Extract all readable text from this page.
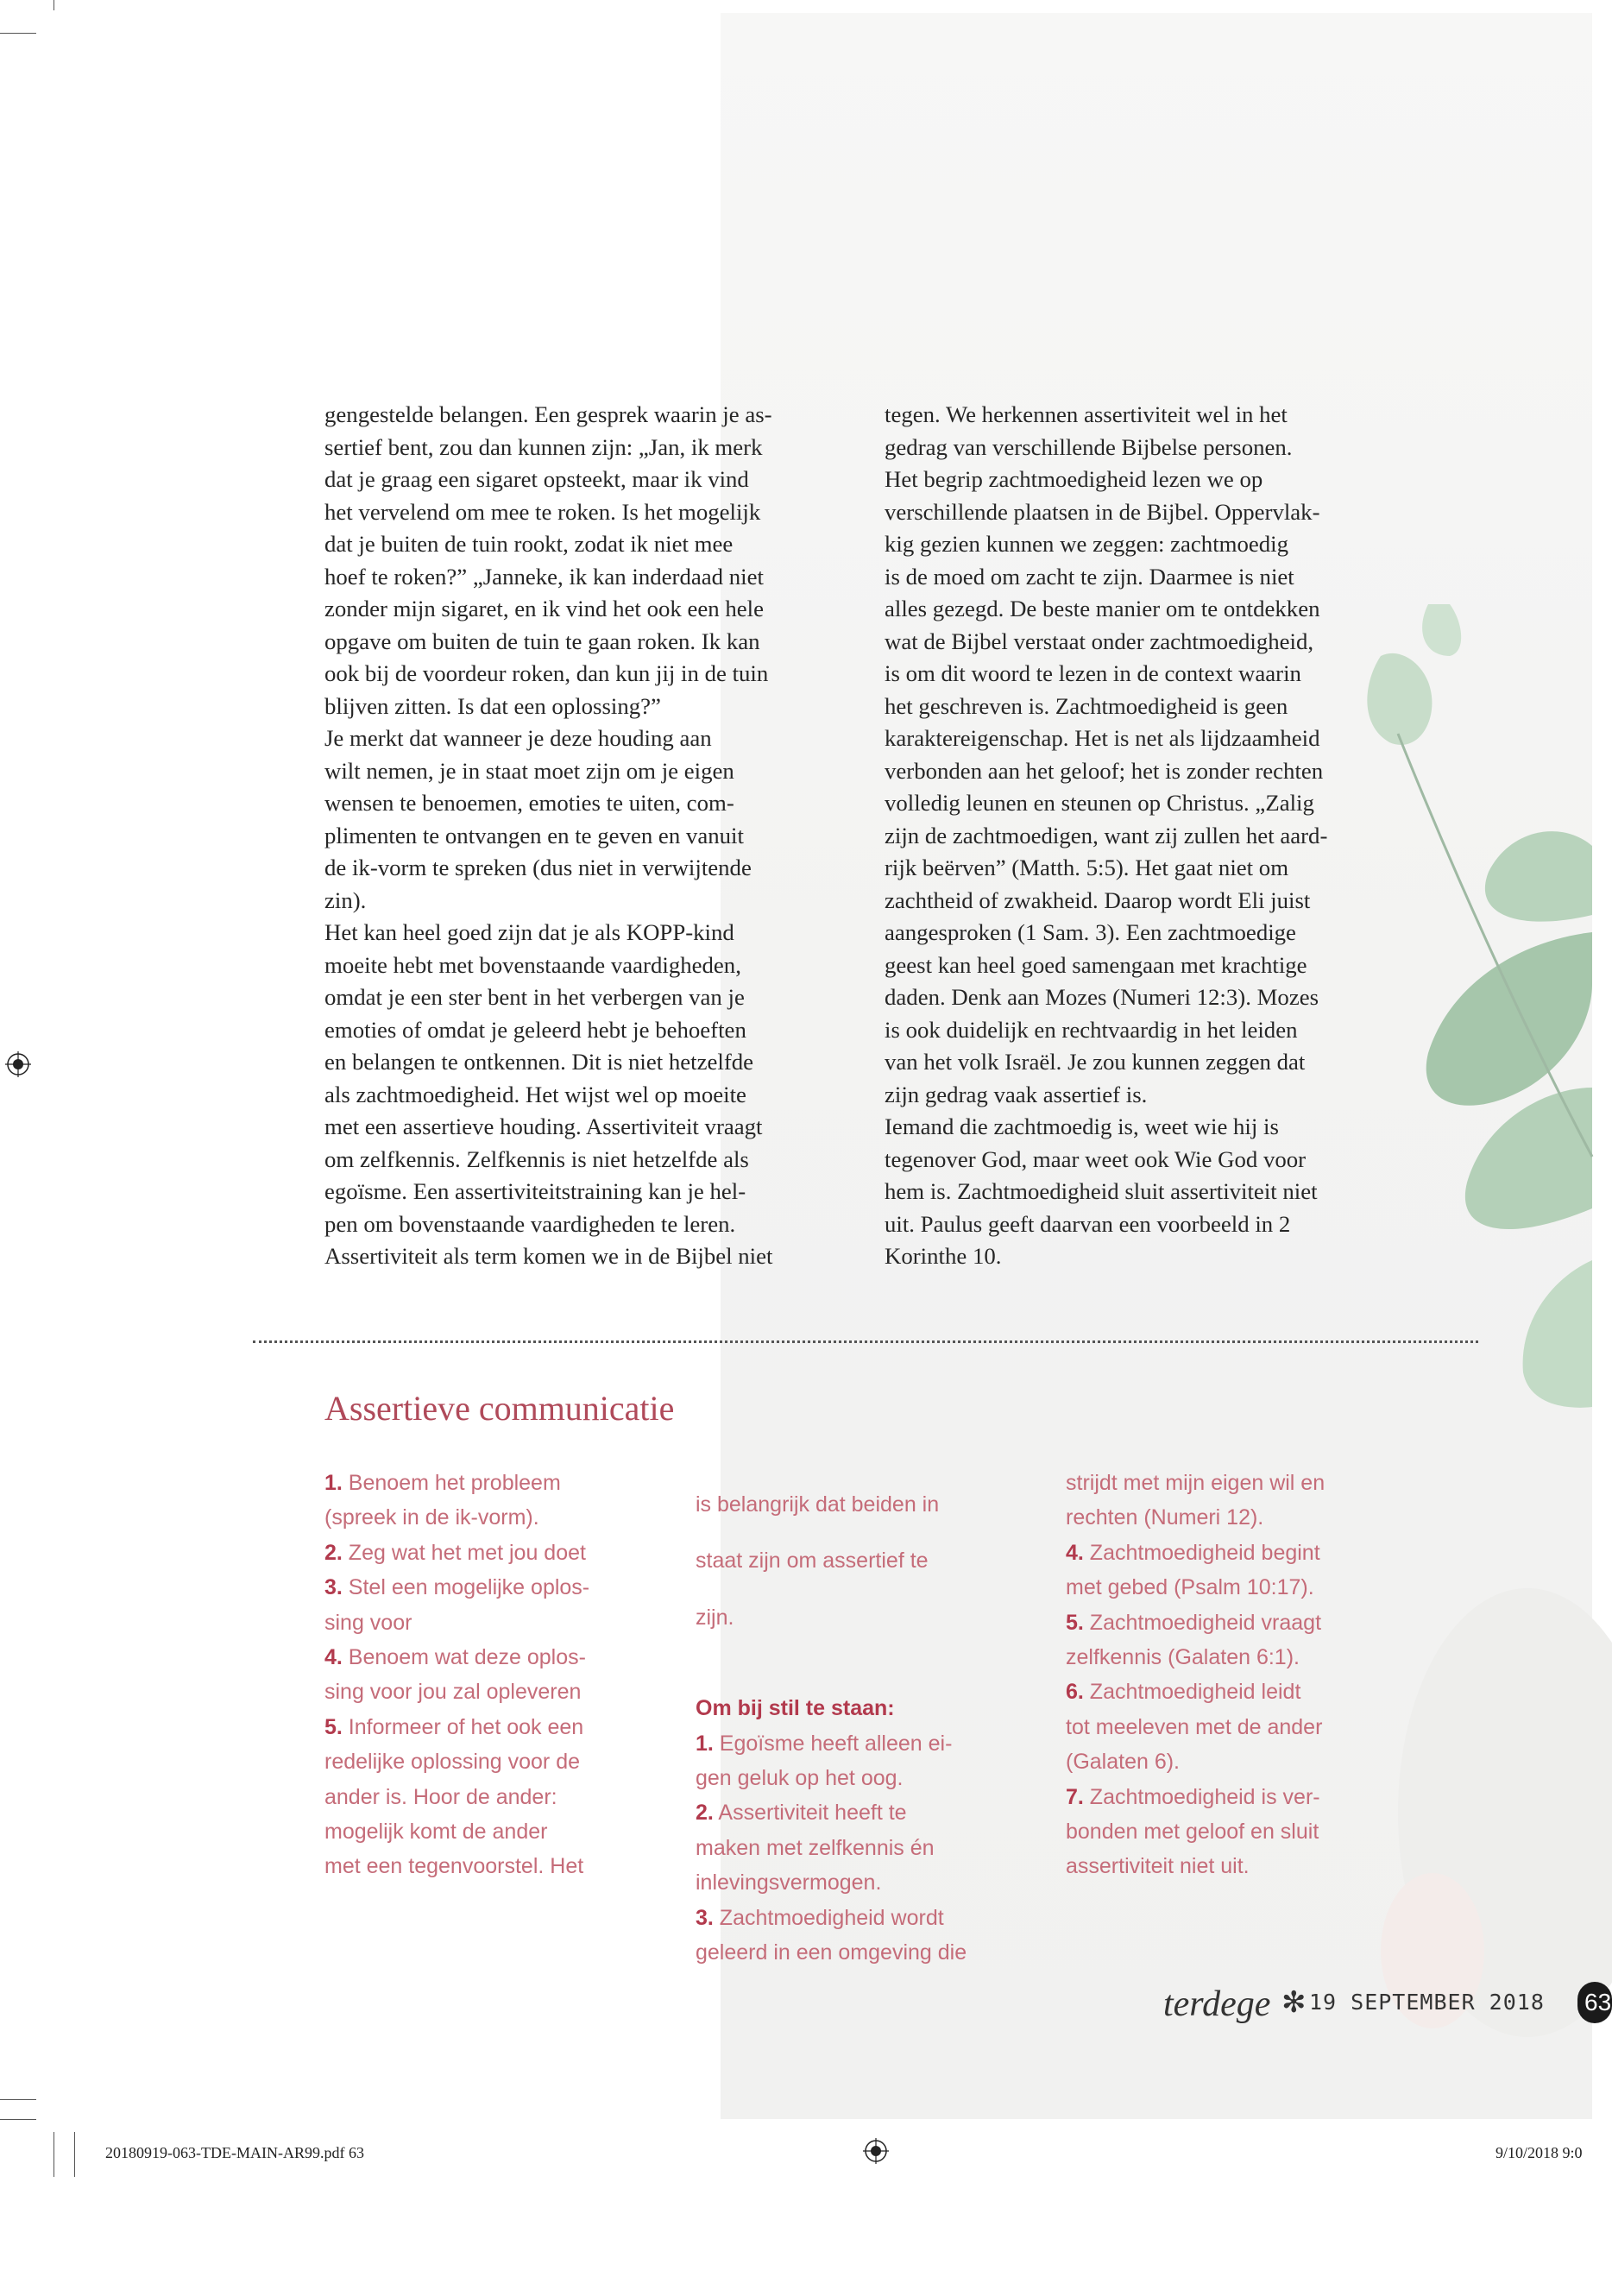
gengestelde belangen. Een gesprek waarin je as-

sertief bent, zou dan kunnen zijn: „Jan, ik merk

dat je graag een sigaret opsteekt, maar ik vind

het vervelend om mee te roken. Is het mogelijk

dat je buiten de tuin rookt, zodat ik niet mee

hoef te roken?” „Janneke, ik kan inderdaad niet

zonder mijn sigaret, en ik vind het ook een hele

opgave om buiten de tuin te gaan roken. Ik kan

ook bij de voordeur roken, dan kun jij in de tuin

blijven zitten. Is dat een oplossing?”

Je merkt dat wanneer je deze houding aan

wilt nemen, je in staat moet zijn om je eigen

wensen te benoemen, emoties te uiten, com-

plimenten te ontvangen en te geven en vanuit

de ik-vorm te spreken (dus niet in verwijtende

zin).

Het kan heel goed zijn dat je als KOPP-kind

moeite hebt met bovenstaande vaardigheden,

omdat je een ster bent in het verbergen van je

emoties of omdat je geleerd hebt je behoeften

en belangen te ontkennen. Dit is niet hetzelfde

als zachtmoedigheid. Het wijst wel op moeite

met een assertieve houding. Assertiviteit vraagt

om zelfkennis. Zelfkennis is niet hetzelfde als

egoïsme. Een assertiviteitstraining kan je hel-

pen om bovenstaande vaardigheden te leren.

Assertiviteit als term komen we in de Bijbel niet

tegen. We herkennen assertiviteit wel in het

gedrag van verschillende Bijbelse personen.

Het begrip zachtmoedigheid lezen we op

verschillende plaatsen in de Bijbel. Oppervlak-

kig gezien kunnen we zeggen: zachtmoedig

is de moed om zacht te zijn. Daarmee is niet

alles gezegd. De beste manier om te ontdekken

wat de Bijbel verstaat onder zachtmoedigheid,

is om dit woord te lezen in de context waarin

het geschreven is. Zachtmoedigheid is geen

karaktereigenschap. Het is net als lijdzaamheid

verbonden aan het geloof; het is zonder rechten

volledig leunen en steunen op Christus. „Zalig

zijn de zachtmoedigen, want zij zullen het aard-

rijk beërven” (Matth. 5:5). Het gaat niet om

zachtheid of zwakheid. Daarop wordt Eli juist

aangesproken (1 Sam. 3). Een zachtmoedige

geest kan heel goed samengaan met krachtige

daden. Denk aan Mozes (Numeri 12:3). Mozes

is ook duidelijk en rechtvaardig in het leiden

van het volk Israël. Je zou kunnen zeggen dat

zijn gedrag vaak assertief is.

Iemand die zachtmoedig is, weet wie hij is

tegenover God, maar weet ook Wie God voor

hem is. Zachtmoedigheid sluit assertiviteit niet

uit. Paulus geeft daarvan een voorbeeld in 2

Korinthe 10.

Assertieve communicatie
1. Benoem het probleem
(spreek in de ik-vorm).
2. Zeg wat het met jou doet
3. Stel een mogelijke oplos-
sing voor
4. Benoem wat deze oplos-
sing voor jou zal opleveren
5. Informeer of het ook een
redelijke oplossing voor de
ander is. Hoor de ander:
mogelijk komt de ander
met een tegenvoorstel. Het

is belangrijk dat beiden in

staat zijn om assertief te

zijn.

Om bij stil te staan:
1. Egoïsme heeft alleen ei-
gen geluk op het oog.
2. Assertiviteit heeft te
maken met zelfkennis én
inlevingsvermogen.
3. Zachtmoedigheid wordt
geleerd in een omgeving die
strijdt met mijn eigen wil en
rechten (Numeri 12).
4. Zachtmoedigheid begint
met gebed (Psalm 10:17).
5. Zachtmoedigheid vraagt
zelfkennis (Galaten 6:1).
6. Zachtmoedigheid leidt
tot meeleven met de ander
(Galaten 6).
7. Zachtmoedigheid is ver-
bonden met geloof en sluit
assertiviteit niet uit.
terdege ✻ 19 SEPTEMBER 2018 63
20180919-063-TDE-MAIN-AR99.pdf 63	9/10/2018 9:0
